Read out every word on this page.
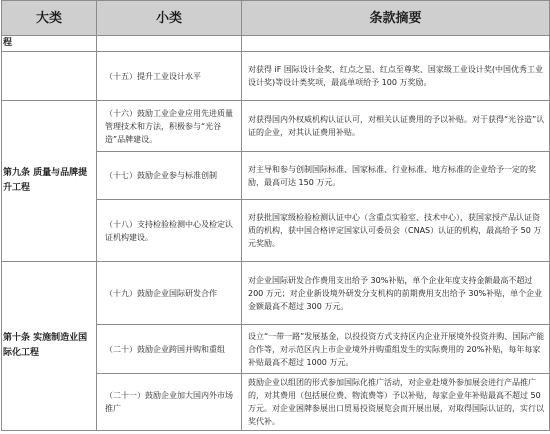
大类	小类	条款摘要
程		
	（十五）提升工业设计水平	对获得 iF 国际设计金奖、红点之星、红点至尊奖、国家级工业设计奖(中国优秀工业设计奖)等设计类奖项，最高单项给予 100 万奖励。
第九条 质量与品牌提升工程	（十六）鼓励工业企业应用先进质量管理技术和方法，积极参与“光谷造”品牌建设。	对获得国内外权威机构认证认可，对相关认证费用的予以补贴。对于获得“光谷造”认证的企业，对其认证费用补贴。
	（十七）鼓励企业参与标准创制	对主导和参与创制国际标准、国家标准、行业标准、地方标准的企业给予一定的奖励，最高可达 150 万元。
	（十八）支持检验检测中心及检定认证机构建设。	对获批国家级检验检测认证中心（含重点实验室、技术中心），获国家授产品认证资质的机构，获中国合格评定国家认可委员会（CNAS）认证的机构，最高给予 50 万元奖励。
第十条 实施制造业国际化工程	（十九）鼓励企业国际研发合作	对企业国际研发合作费用支出给予 30%补贴，单个企业年度支持金额最高不超过 200 万元；对企业新设境外研发分支机构的前期费用支出给予 30%补贴，单个企业金额最高不超过 300 万元。
	（二十）鼓励企业跨国并购和重组	设立“一带一路”发展基金，以投投资方式支持区内企业开展境外投资并购、国际产能合作等，对示范区内上市企业境外并购重组发生的实际费用的 20%补贴，每年每家补贴最高不超过 1000 万元。
	（二十一）鼓励企业加大国内外市场推广	鼓励企业以组团的形式参加国际化推广活动，对企业赴境外参加展会进行产品推广的，对其费用（包括展位费、物流费等）予以补贴，每家企业年补贴最高不超过 50 万元。对企业困牌参展出口贸易投资展览会而开展出展，对取得国际认证的，实行以奖代补。
